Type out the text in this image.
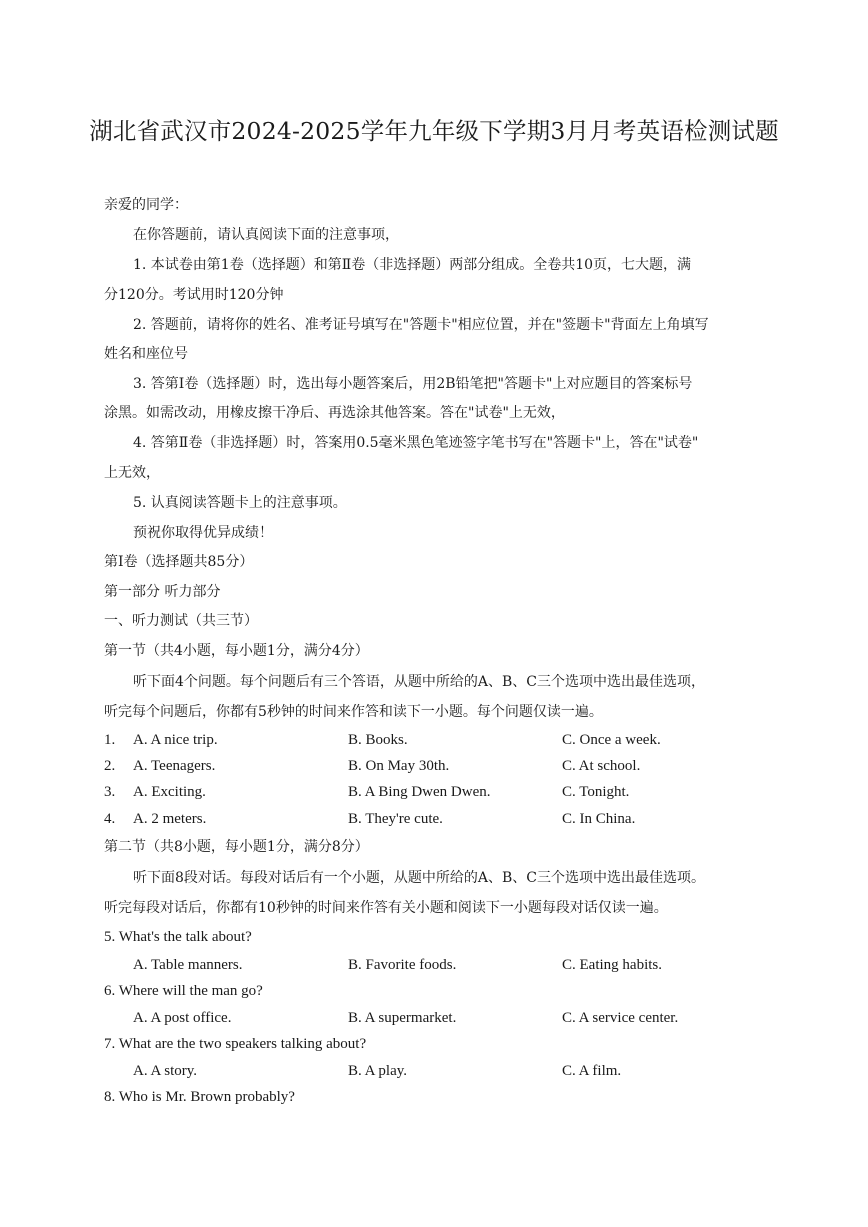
湖北省武汉市2024-2025学年九年级下学期3月月考英语检测试题
亲爱的同学：
在你答题前，请认真阅读下面的注意事项，
1. 本试卷由第1卷（选择题）和第Ⅱ卷（非选择题）两部分组成。全卷共10页，七大题，满
分120分。考试用时120分钟
2. 答题前，请将你的姓名、准考证号填写在"答题卡"相应位置，并在"签题卡"背面左上角填写
姓名和座位号
3. 答第Ⅰ卷（选择题）时，选出每小题答案后，用2B铅笔把"答题卡"上对应题目的答案标号
涂黑。如需改动，用橡皮擦干净后、再选涂其他答案。答在"试卷"上无效，
4. 答第Ⅱ卷（非选择题）时，答案用0.5毫米黑色笔迹签字笔书写在"答题卡"上，答在"试卷"
上无效，
5. 认真阅读答题卡上的注意事项。
预祝你取得优异成绩！
第Ⅰ卷（选择题共85分）
第一部分 听力部分
一、听力测试（共三节）
第一节（共4小题，每小题1分，满分4分）
听下面4个问题。每个问题后有三个答语，从题中所给的A、B、C三个选项中选出最佳选项，
听完每个问题后，你都有5秒钟的时间来作答和读下一小题。每个问题仅读一遍。
1. A. A nice trip.	B. Books.	C. Once a week.
2. A. Teenagers.	B. On May 30th.	C. At school.
3. A. Exciting.	B. A Bing Dwen Dwen.	C. Tonight.
4. A. 2 meters.	B. They're cute.	C. In China.
第二节（共8小题，每小题1分，满分8分）
听下面8段对话。每段对话后有一个小题，从题中所给的A、B、C三个选项中选出最佳选项。
听完每段对话后，你都有10秒钟的时间来作答有关小题和阅读下一小题每段对话仅读一遍。
5. What's the talk about?
A. Table manners.	B. Favorite foods.	C. Eating habits.
6. Where will the man go?
A. A post office.	B. A supermarket.	C. A service center.
7. What are the two speakers talking about?
A. A story.	B. A play.	C. A film.
8. Who is Mr. Brown probably?
